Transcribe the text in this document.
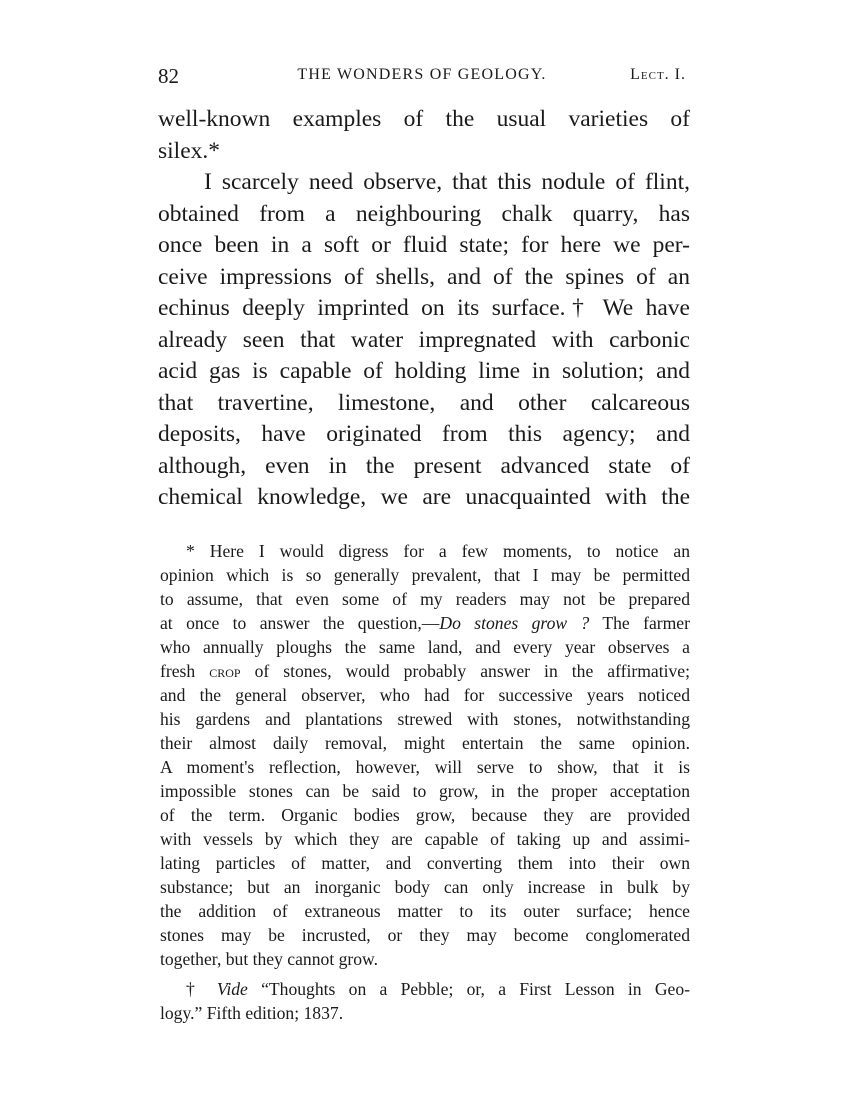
82	THE WONDERS OF GEOLOGY.	Lect. I.
well-known examples of the usual varieties of
silex.*
I scarcely need observe, that this nodule of flint,
obtained from a neighbouring chalk quarry, has
once been in a soft or fluid state; for here we per-
ceive impressions of shells, and of the spines of an
echinus deeply imprinted on its surface.† We have
already seen that water impregnated with carbonic
acid gas is capable of holding lime in solution; and
that travertine, limestone, and other calcareous
deposits, have originated from this agency; and
although, even in the present advanced state of
chemical knowledge, we are unacquainted with the
* Here I would digress for a few moments, to notice an
opinion which is so generally prevalent, that I may be permitted
to assume, that even some of my readers may not be prepared
at once to answer the question,—Do stones grow ? The farmer
who annually ploughs the same land, and every year observes a
fresh crop of stones, would probably answer in the affirmative;
and the general observer, who had for successive years noticed
his gardens and plantations strewed with stones, notwithstanding
their almost daily removal, might entertain the same opinion.
A moment's reflection, however, will serve to show, that it is
impossible stones can be said to grow, in the proper acceptation
of the term. Organic bodies grow, because they are provided
with vessels by which they are capable of taking up and assimi-
lating particles of matter, and converting them into their own
substance; but an inorganic body can only increase in bulk by
the addition of extraneous matter to its outer surface; hence
stones may be incrusted, or they may become conglomerated
together, but they cannot grow.
† Vide “Thoughts on a Pebble; or, a First Lesson in Geo-
logy.” Fifth edition; 1837.
